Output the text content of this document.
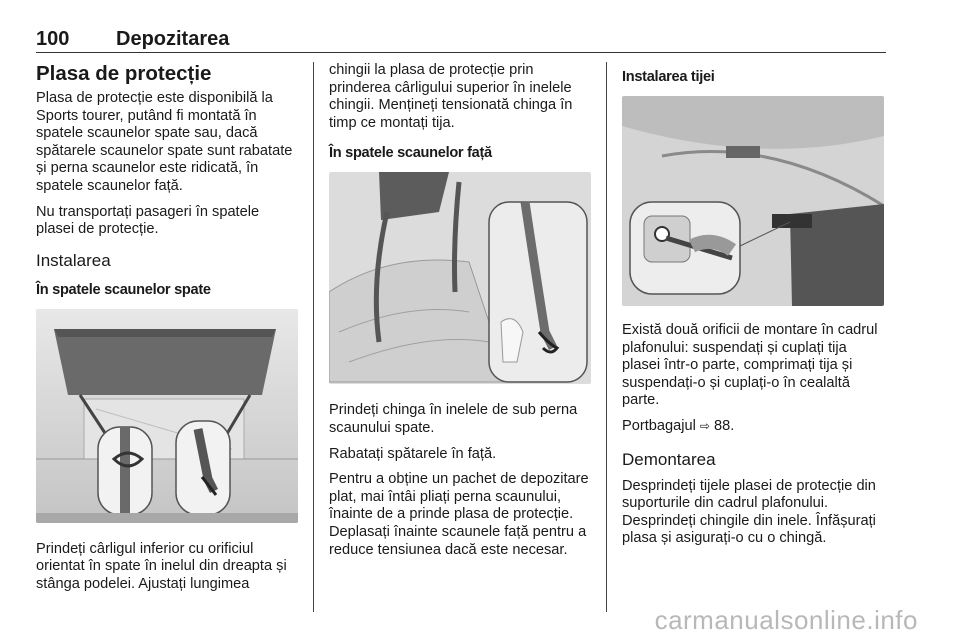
100 Depozitarea
Plasa de protecție

Plasa de protecție este disponibilă la Sports tourer, putând fi montată în spatele scaunelor spate sau, dacă spătarele scaunelor spate sunt rabatate și perna scaunelor este ridicată, în spatele scaunelor față.

Nu transportați pasageri în spatele plasei de protecție.

Instalarea
În spatele scaunelor spate

Prindeți cârligul inferior cu orificiul orientat în spate în inelul din dreapta și stânga podelei. Ajustați lungimea

chingii la plasa de protecție prin prinderea cârligului superior în inelele chingii. Mențineți tensionată chinga în timp ce montați tija.

În spatele scaunelor față

Prindeți chinga în inelele de sub perna scaunului spate.

Rabatați spătarele în față.

Pentru a obține un pachet de depozitare plat, mai întâi pliați perna scaunului, înainte de a prinde plasa de protecție. Deplasați înainte scaunele față pentru a reduce tensiunea dacă este necesar.

Instalarea tijei

Există două orificii de montare în cadrul plafonului: suspendați și cuplați tija plasei într-o parte, comprimați tija și suspendați-o și cuplați-o în cealaltă parte.

Portbagajul ⇨ 88.

Demontarea

Desprindeți tijele plasei de protecție din suporturile din cadrul plafonului. Desprindeți chingile din inele. Înfășurați plasa și asigurați-o cu o chingă.

carmanualsonline.info
